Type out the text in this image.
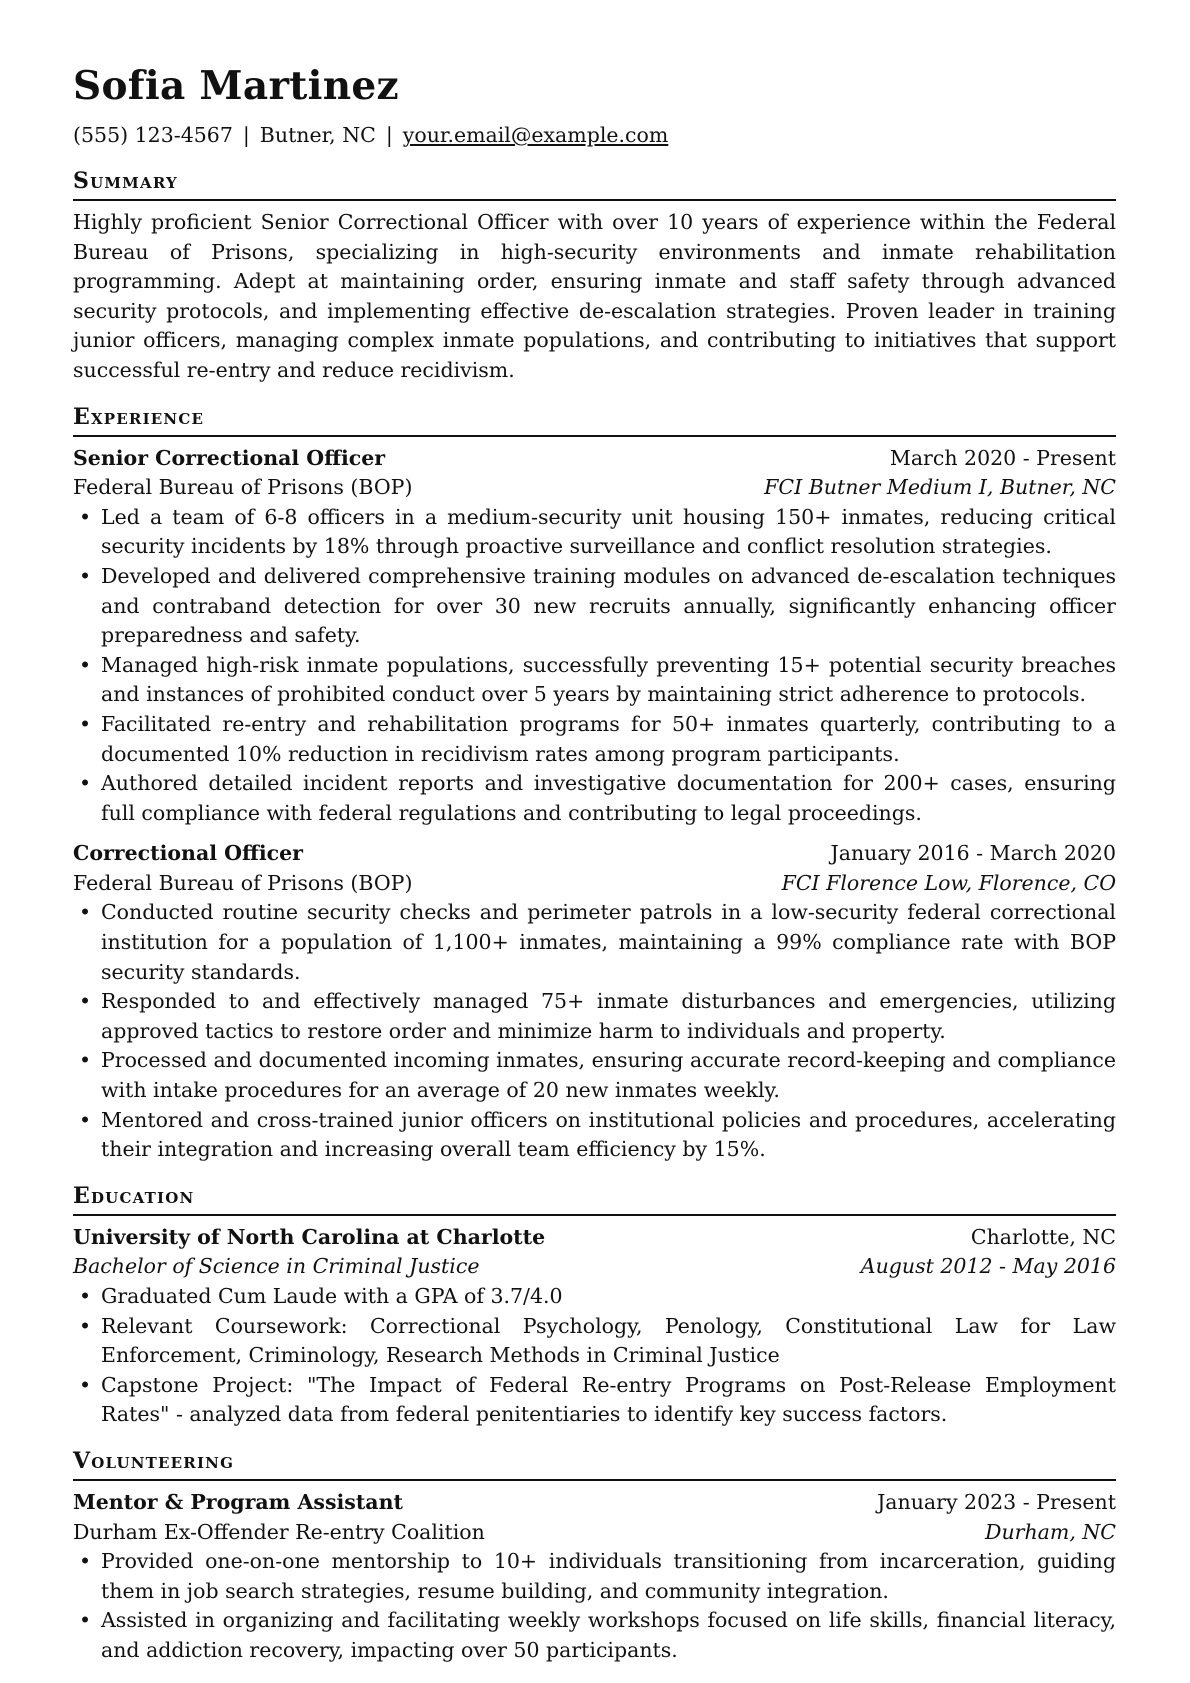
Sofia Martinez
(555) 123-4567 | Butner, NC | your.email@example.com
Summary
Highly proficient Senior Correctional Officer with over 10 years of experience within the Federal Bureau of Prisons, specializing in high-security environments and inmate rehabilitation programming. Adept at maintaining order, ensuring inmate and staff safety through advanced security protocols, and implementing effective de-escalation strategies. Proven leader in training junior officers, managing complex inmate populations, and contributing to initiatives that support successful re-entry and reduce recidivism.
Experience
Senior Correctional Officer	March 2020 - Present
Federal Bureau of Prisons (BOP)	FCI Butner Medium I, Butner, NC
• Led a team of 6-8 officers in a medium-security unit housing 150+ inmates, reducing critical security incidents by 18% through proactive surveillance and conflict resolution strategies.
• Developed and delivered comprehensive training modules on advanced de-escalation techniques and contraband detection for over 30 new recruits annually, significantly enhancing officer preparedness and safety.
• Managed high-risk inmate populations, successfully preventing 15+ potential security breaches and instances of prohibited conduct over 5 years by maintaining strict adherence to protocols.
• Facilitated re-entry and rehabilitation programs for 50+ inmates quarterly, contributing to a documented 10% reduction in recidivism rates among program participants.
• Authored detailed incident reports and investigative documentation for 200+ cases, ensuring full compliance with federal regulations and contributing to legal proceedings.
Correctional Officer	January 2016 - March 2020
Federal Bureau of Prisons (BOP)	FCI Florence Low, Florence, CO
• Conducted routine security checks and perimeter patrols in a low-security federal correctional institution for a population of 1,100+ inmates, maintaining a 99% compliance rate with BOP security standards.
• Responded to and effectively managed 75+ inmate disturbances and emergencies, utilizing approved tactics to restore order and minimize harm to individuals and property.
• Processed and documented incoming inmates, ensuring accurate record-keeping and compliance with intake procedures for an average of 20 new inmates weekly.
• Mentored and cross-trained junior officers on institutional policies and procedures, accelerating their integration and increasing overall team efficiency by 15%.
Education
University of North Carolina at Charlotte	Charlotte, NC
Bachelor of Science in Criminal Justice	August 2012 - May 2016
• Graduated Cum Laude with a GPA of 3.7/4.0
• Relevant Coursework: Correctional Psychology, Penology, Constitutional Law for Law Enforcement, Criminology, Research Methods in Criminal Justice
• Capstone Project: "The Impact of Federal Re-entry Programs on Post-Release Employment Rates" - analyzed data from federal penitentiaries to identify key success factors.
Volunteering
Mentor & Program Assistant	January 2023 - Present
Durham Ex-Offender Re-entry Coalition	Durham, NC
• Provided one-on-one mentorship to 10+ individuals transitioning from incarceration, guiding them in job search strategies, resume building, and community integration.
• Assisted in organizing and facilitating weekly workshops focused on life skills, financial literacy, and addiction recovery, impacting over 50 participants.
